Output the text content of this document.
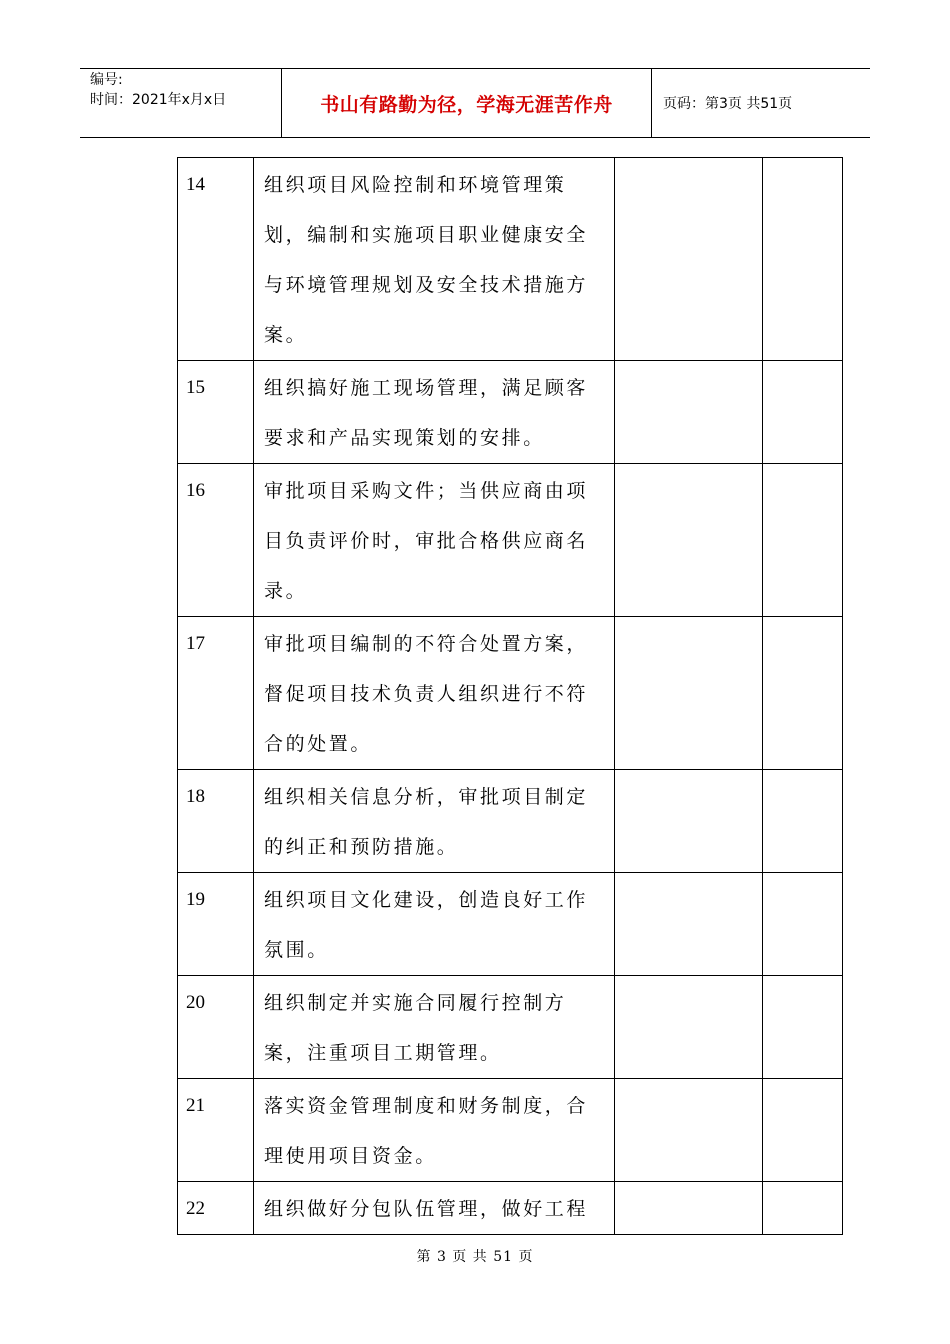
编号:
时间：2021年x月x日	书山有路勤为径，学海无涯苦作舟	页码：第3页 共51页
14	组织项目风险控制和环境管理策划，编制和实施项目职业健康安全与环境管理规划及安全技术措施方案。		
15	组织搞好施工现场管理，满足顾客要求和产品实现策划的安排。		
16	审批项目采购文件；当供应商由项目负责评价时，审批合格供应商名录。		
17	审批项目编制的不符合处置方案，督促项目技术负责人组织进行不符合的处置。		
18	组织相关信息分析，审批项目制定的纠正和预防措施。		
19	组织项目文化建设，创造良好工作氛围。		
20	组织制定并实施合同履行控制方案，注重项目工期管理。		
21	落实资金管理制度和财务制度，合理使用项目资金。		
22	组织做好分包队伍管理，做好工程		
第 3 页 共 51 页
